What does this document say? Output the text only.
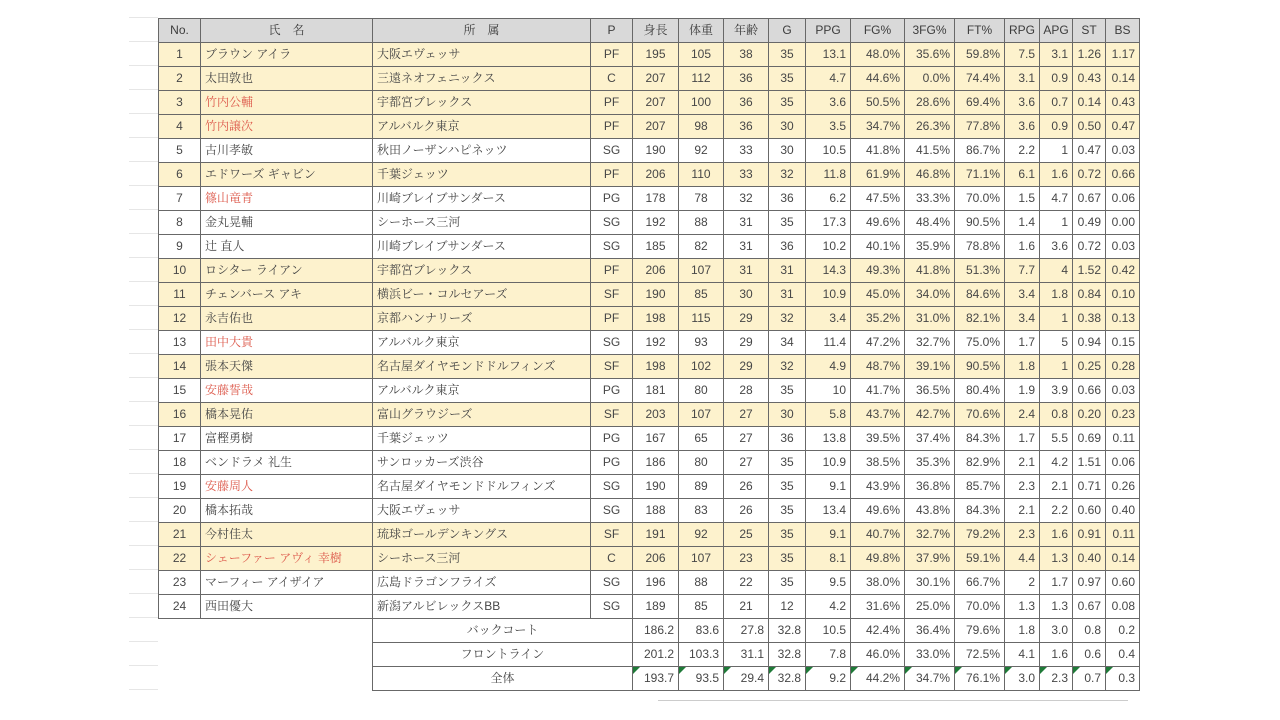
No.	氏　名	所　属	P	身長	体重	年齢	G	PPG	FG%	3FG%	FT%	RPG	APG	ST	BS
1	ブラウン アイラ	大阪エヴェッサ	PF	195	105	38	35	13.1	48.0%	35.6%	59.8%	7.5	3.1	1.26	1.17
2	太田敦也	三遠ネオフェニックス	C	207	112	36	35	4.7	44.6%	0.0%	74.4%	3.1	0.9	0.43	0.14
3	竹内公輔	宇都宮ブレックス	PF	207	100	36	35	3.6	50.5%	28.6%	69.4%	3.6	0.7	0.14	0.43
4	竹内譲次	アルバルク東京	PF	207	98	36	30	3.5	34.7%	26.3%	77.8%	3.6	0.9	0.50	0.47
5	古川孝敏	秋田ノーザンハピネッツ	SG	190	92	33	30	10.5	41.8%	41.5%	86.7%	2.2	1	0.47	0.03
6	エドワーズ ギャビン	千葉ジェッツ	PF	206	110	33	32	11.8	61.9%	46.8%	71.1%	6.1	1.6	0.72	0.66
7	篠山竜青	川崎ブレイブサンダース	PG	178	78	32	36	6.2	47.5%	33.3%	70.0%	1.5	4.7	0.67	0.06
8	金丸晃輔	シーホース三河	SG	192	88	31	35	17.3	49.6%	48.4%	90.5%	1.4	1	0.49	0.00
9	辻 直人	川崎ブレイブサンダース	SG	185	82	31	36	10.2	40.1%	35.9%	78.8%	1.6	3.6	0.72	0.03
10	ロシター ライアン	宇都宮ブレックス	PF	206	107	31	31	14.3	49.3%	41.8%	51.3%	7.7	4	1.52	0.42
11	チェンバース アキ	横浜ビー・コルセアーズ	SF	190	85	30	31	10.9	45.0%	34.0%	84.6%	3.4	1.8	0.84	0.10
12	永吉佑也	京都ハンナリーズ	PF	198	115	29	32	3.4	35.2%	31.0%	82.1%	3.4	1	0.38	0.13
13	田中大貴	アルバルク東京	SG	192	93	29	34	11.4	47.2%	32.7%	75.0%	1.7	5	0.94	0.15
14	張本天傑	名古屋ダイヤモンドドルフィンズ	SF	198	102	29	32	4.9	48.7%	39.1%	90.5%	1.8	1	0.25	0.28
15	安藤誓哉	アルバルク東京	PG	181	80	28	35	10	41.7%	36.5%	80.4%	1.9	3.9	0.66	0.03
16	橋本晃佑	富山グラウジーズ	SF	203	107	27	30	5.8	43.7%	42.7%	70.6%	2.4	0.8	0.20	0.23
17	富樫勇樹	千葉ジェッツ	PG	167	65	27	36	13.8	39.5%	37.4%	84.3%	1.7	5.5	0.69	0.11
18	ベンドラメ 礼生	サンロッカーズ渋谷	PG	186	80	27	35	10.9	38.5%	35.3%	82.9%	2.1	4.2	1.51	0.06
19	安藤周人	名古屋ダイヤモンドドルフィンズ	SG	190	89	26	35	9.1	43.9%	36.8%	85.7%	2.3	2.1	0.71	0.26
20	橋本拓哉	大阪エヴェッサ	SG	188	83	26	35	13.4	49.6%	43.8%	84.3%	2.1	2.2	0.60	0.40
21	今村佳太	琉球ゴールデンキングス	SF	191	92	25	35	9.1	40.7%	32.7%	79.2%	2.3	1.6	0.91	0.11
22	シェーファー アヴィ 幸樹	シーホース三河	C	206	107	23	35	8.1	49.8%	37.9%	59.1%	4.4	1.3	0.40	0.14
23	マーフィー アイザイア	広島ドラゴンフライズ	SG	196	88	22	35	9.5	38.0%	30.1%	66.7%	2	1.7	0.97	0.60
24	西田優大	新潟アルビレックスBB	SG	189	85	21	12	4.2	31.6%	25.0%	70.0%	1.3	1.3	0.67	0.08
		バックコート		186.2	83.6	27.8	32.8	10.5	42.4%	36.4%	79.6%	1.8	3.0	0.8	0.2
		フロントライン		201.2	103.3	31.1	32.8	7.8	46.0%	33.0%	72.5%	4.1	1.6	0.6	0.4
		全体		193.7	93.5	29.4	32.8	9.2	44.2%	34.7%	76.1%	3.0	2.3	0.7	0.3
